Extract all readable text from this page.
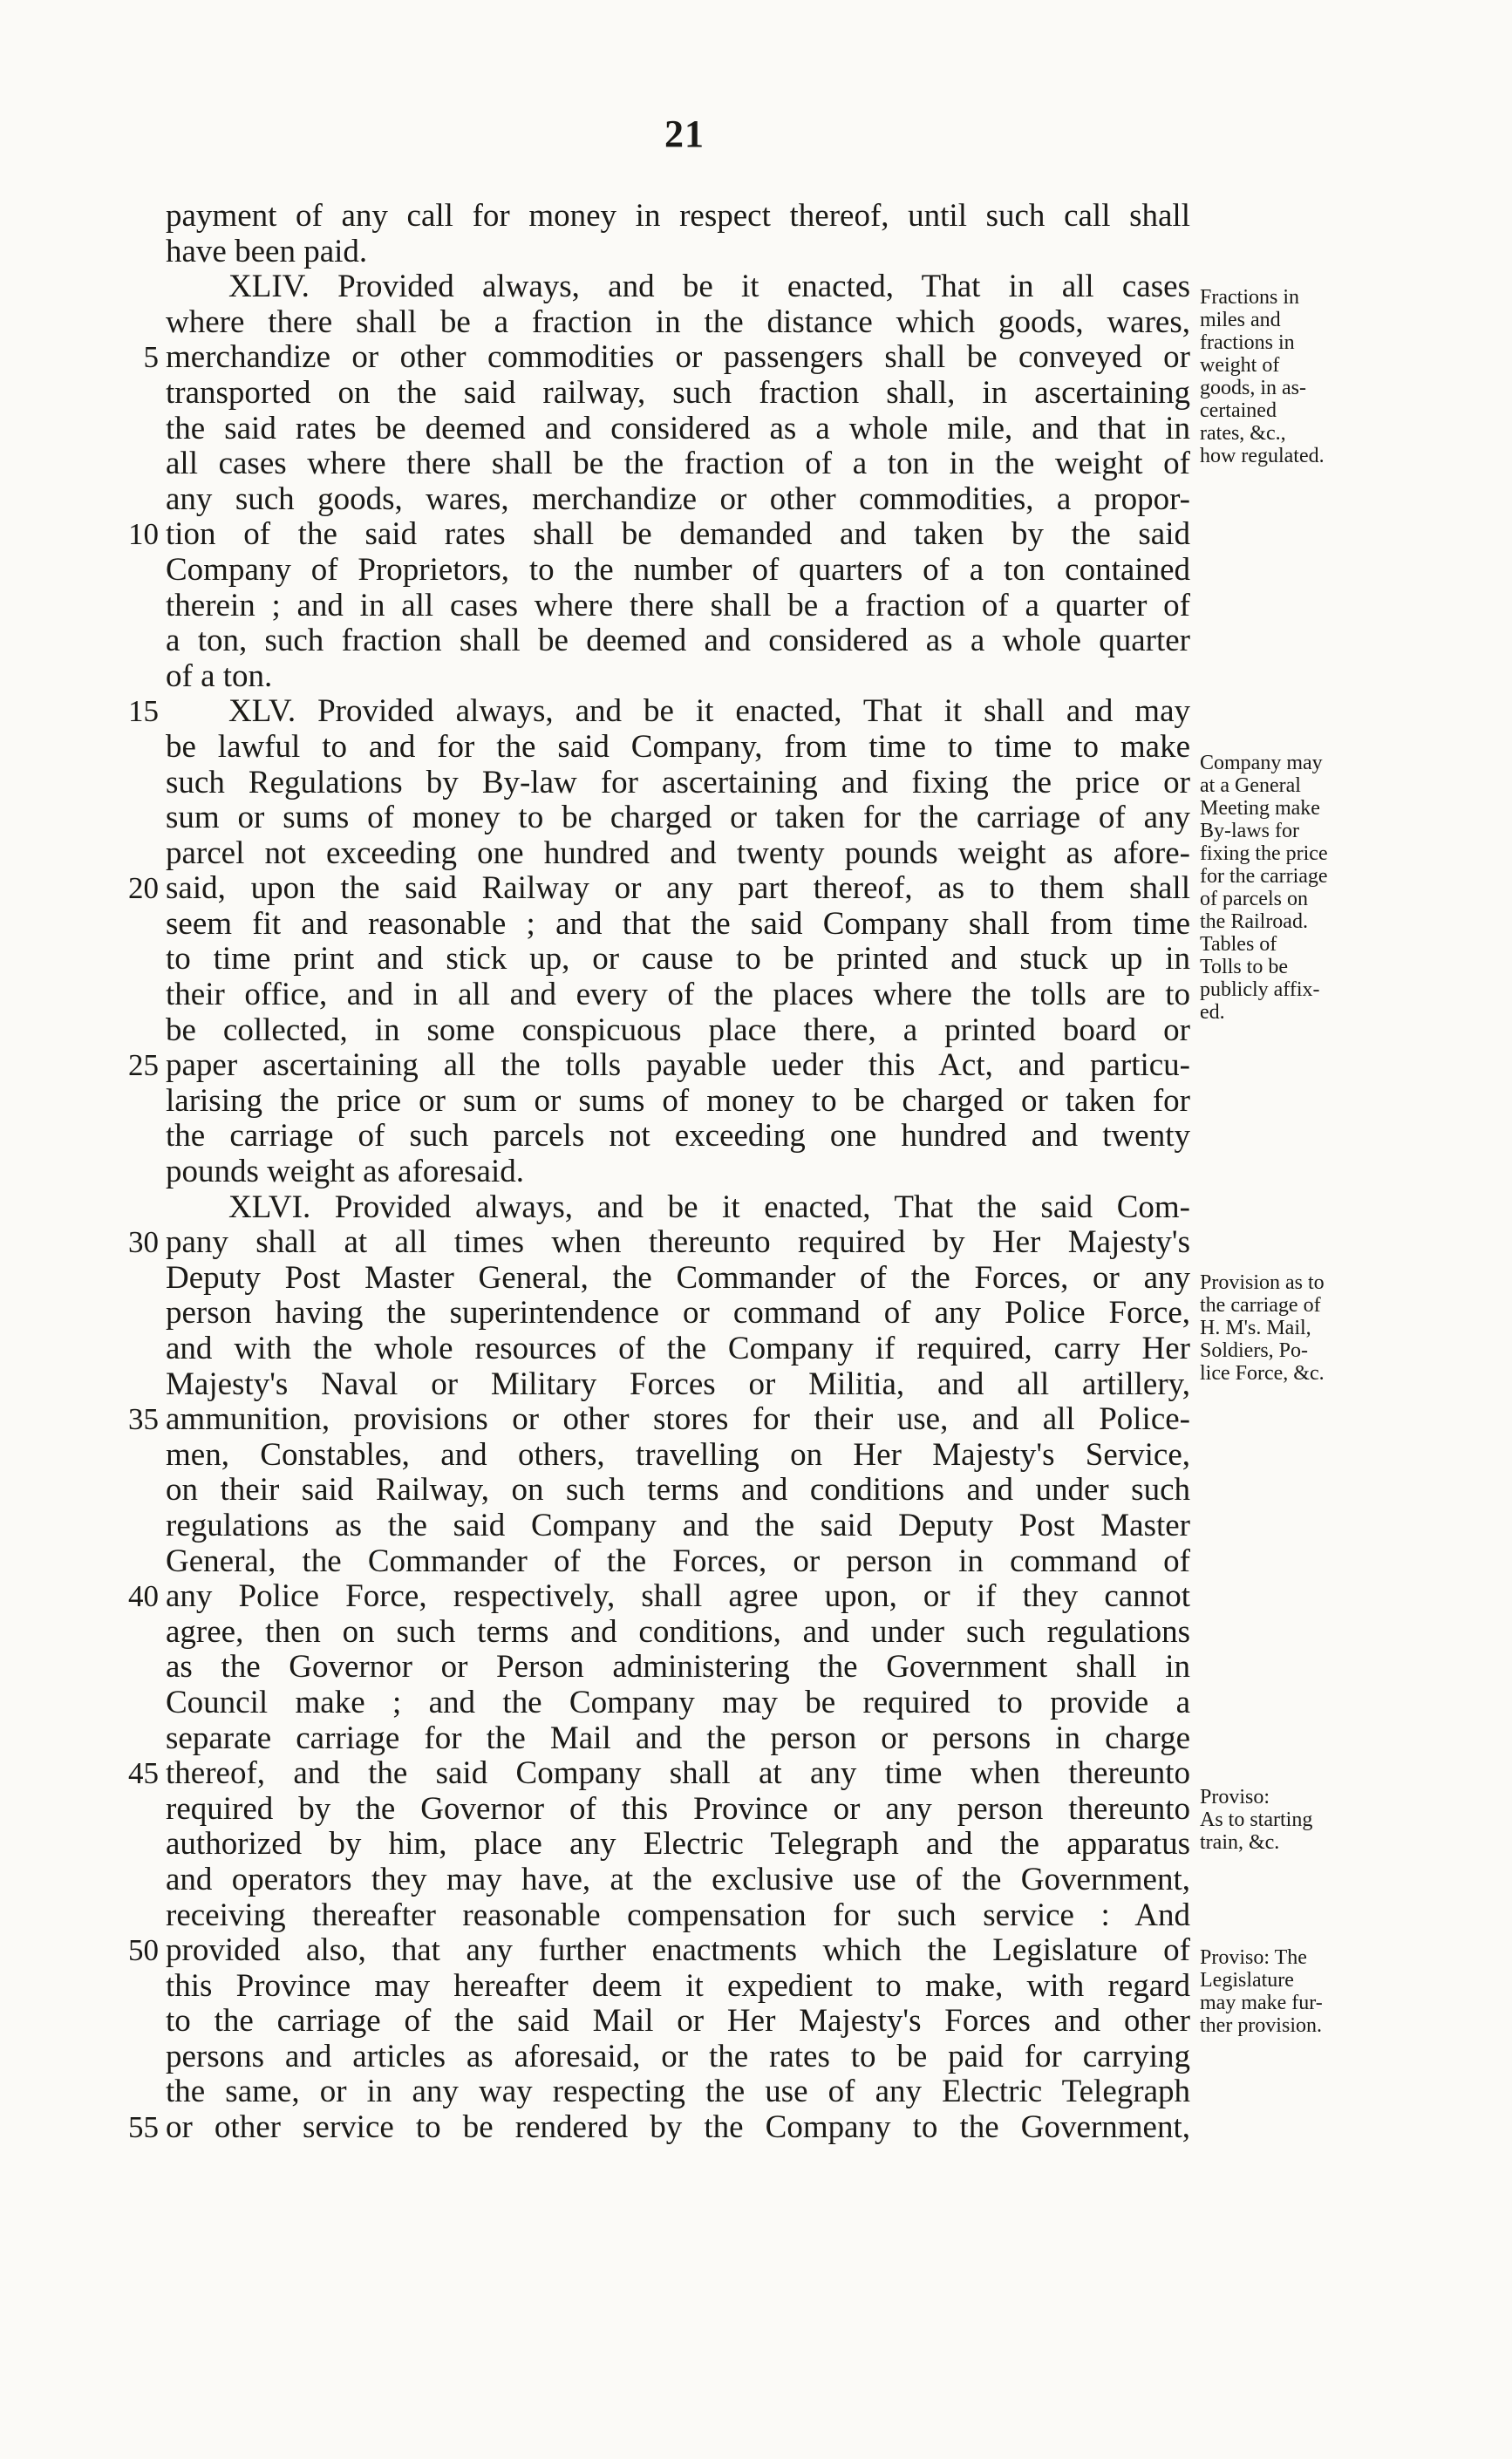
21
payment of any call for money in respect thereof, until such call shall
have been paid.
XLIV. Provided always, and be it enacted, That in all cases
where there shall be a fraction in the distance which goods, wares,
5 merchandize or other commodities or passengers shall be conveyed or
transported on the said railway, such fraction shall, in ascertaining
the said rates be deemed and considered as a whole mile, and that in
all cases where there shall be the fraction of a ton in the weight of
any such goods, wares, merchandize or other commodities, a propor-
10 tion of the said rates shall be demanded and taken by the said
Company of Proprietors, to the number of quarters of a ton contained
therein ; and in all cases where there shall be a fraction of a quarter of
a ton, such fraction shall be deemed and considered as a whole quarter
of a ton.
15	XLV. Provided always, and be it enacted, That it shall and may
be lawful to and for the said Company, from time to time to make
such Regulations by By-law for ascertaining and fixing the price or
sum or sums of money to be charged or taken for the carriage of any
parcel not exceeding one hundred and twenty pounds weight as afore-
20 said, upon the said Railway or any part thereof, as to them shall
seem fit and reasonable ; and that the said Company shall from time
to time print and stick up, or cause to be printed and stuck up in
their office, and in all and every of the places where the tolls are to
be collected, in some conspicuous place there, a printed board or
25 paper ascertaining all the tolls payable ueder this Act, and particu-
larising the price or sum or sums of money to be charged or taken for
the carriage of such parcels not exceeding one hundred and twenty
pounds weight as aforesaid.
XLVI. Provided always, and be it enacted, That the said Com-
30 pany shall at all times when thereunto required by Her Majesty's
Deputy Post Master General, the Commander of the Forces, or any
person having the superintendence or command of any Police Force,
and with the whole resources of the Company if required, carry Her
Majesty's Naval or Military Forces or Militia, and all artillery,
35 ammunition, provisions or other stores for their use, and all Police-
men, Constables, and others, travelling on Her Majesty's Service,
on their said Railway, on such terms and conditions and under such
regulations as the said Company and the said Deputy Post Master
General, the Commander of the Forces, or person in command of
40 any Police Force, respectively, shall agree upon, or if they cannot
agree, then on such terms and conditions, and under such regulations
as the Governor or Person administering the Government shall in
Council make ; and the Company may be required to provide a
separate carriage for the Mail and the person or persons in charge
45 thereof, and the said Company shall at any time when thereunto
required by the Governor of this Province or any person thereunto
authorized by him, place any Electric Telegraph and the apparatus
and operators they may have, at the exclusive use of the Government,
receiving thereafter reasonable compensation for such service : And
50 provided also, that any further enactments which the Legislature of
this Province may hereafter deem it expedient to make, with regard
to the carriage of the said Mail or Her Majesty's Forces and other
persons and articles as aforesaid, or the rates to be paid for carrying
the same, or in any way respecting the use of any Electric Telegraph
55 or other service to be rendered by the Company to the Government,
Fractions in
miles and
fractions in
weight of
goods, in as-
certained
rates, &c.,
how regulated.
Company may
at a General
Meeting make
By-laws for
fixing the price
for the carriage
of parcels on
the Railroad.
Tables of
Tolls to be
publicly affix-
ed.
Provision as to
the carriage of
H. M's. Mail,
Soldiers, Po-
lice Force, &c.
Proviso:
As to starting
train, &c.
Proviso: The
Legislature
may make fur-
ther provision.
